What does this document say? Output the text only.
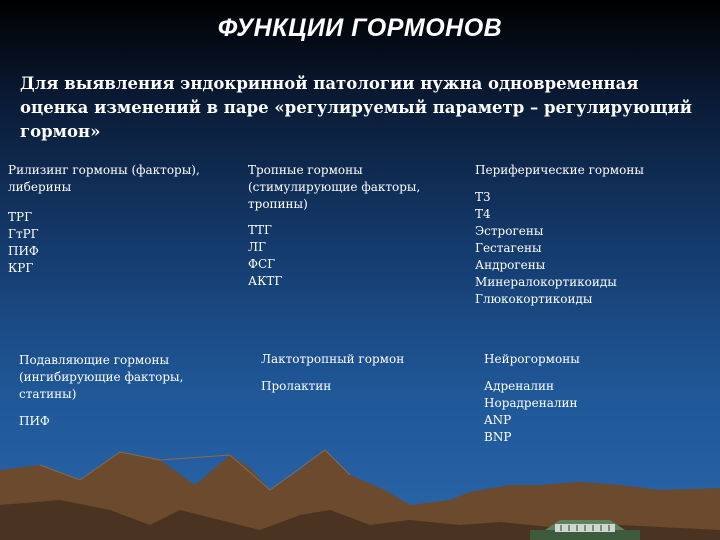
ФУНКЦИИ ГОРМОНОВ
Для выявления эндокринной патологии нужна одновременная оценка изменений в паре «регулируемый параметр – регулирующий гормон»
Рилизинг гормоны (факторы), либерины
ТРГ
ГтРГ
ПИФ
КРГ
Подавляющие гормоны (ингибирующие факторы, статины)
ПИФ
Тропные гормоны (стимулирующие факторы, тропины)
ТТГ
ЛГ
ФСГ
АКТГ
Лактотропный гормон
Пролактин
Периферические гормоны
Т3
Т4
Эстрогены
Гестагены
Андрогены
Минералокортикоиды
Глюкокортикоиды
Нейрогормоны
Адреналин
Норадреналин
ANP
BNP
